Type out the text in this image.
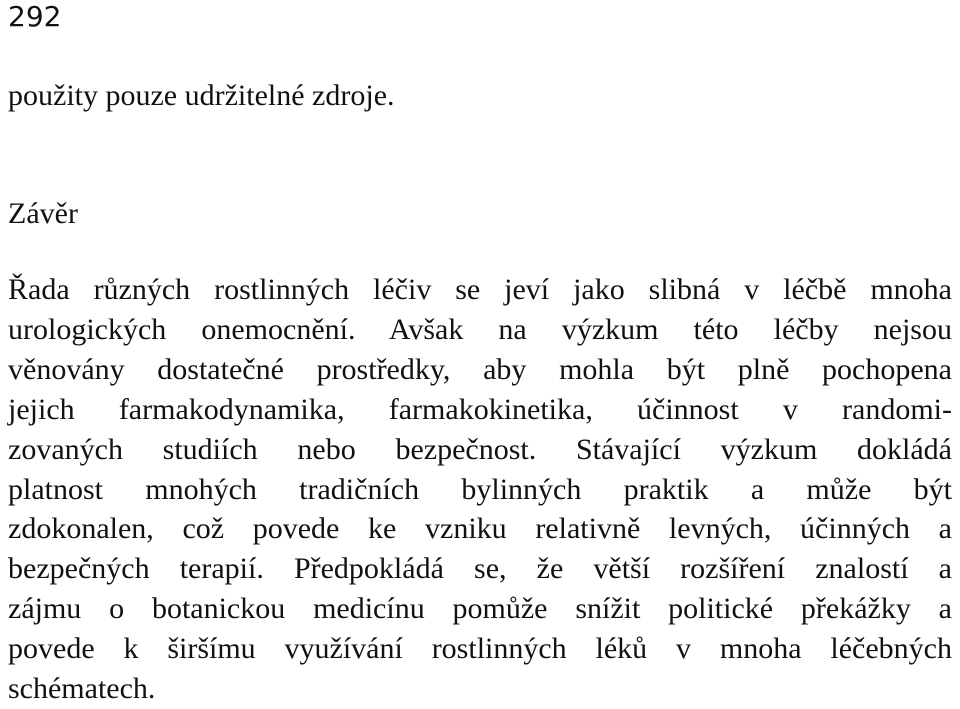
292
použity pouze udržitelné zdroje.
Závěr
Řada různých rostlinných léčiv se jeví jako slibná v léčbě mnoha
urologických onemocnění. Avšak na výzkum této léčby nejsou
věnovány dostatečné prostředky, aby mohla být plně pochopena
jejich farmakodynamika, farmakokinetika, účinnost v randomi-
zovaných studiích nebo bezpečnost. Stávající výzkum dokládá
platnost mnohých tradičních bylinných praktik a může být
zdokonalen, což povede ke vzniku relativně levných, účinných a
bezpečných terapií. Předpokládá se, že větší rozšíření znalostí a
zájmu o botanickou medicínu pomůže snížit politické překážky a
povede k širšímu využívání rostlinných léků v mnoha léčebných
schématech.
